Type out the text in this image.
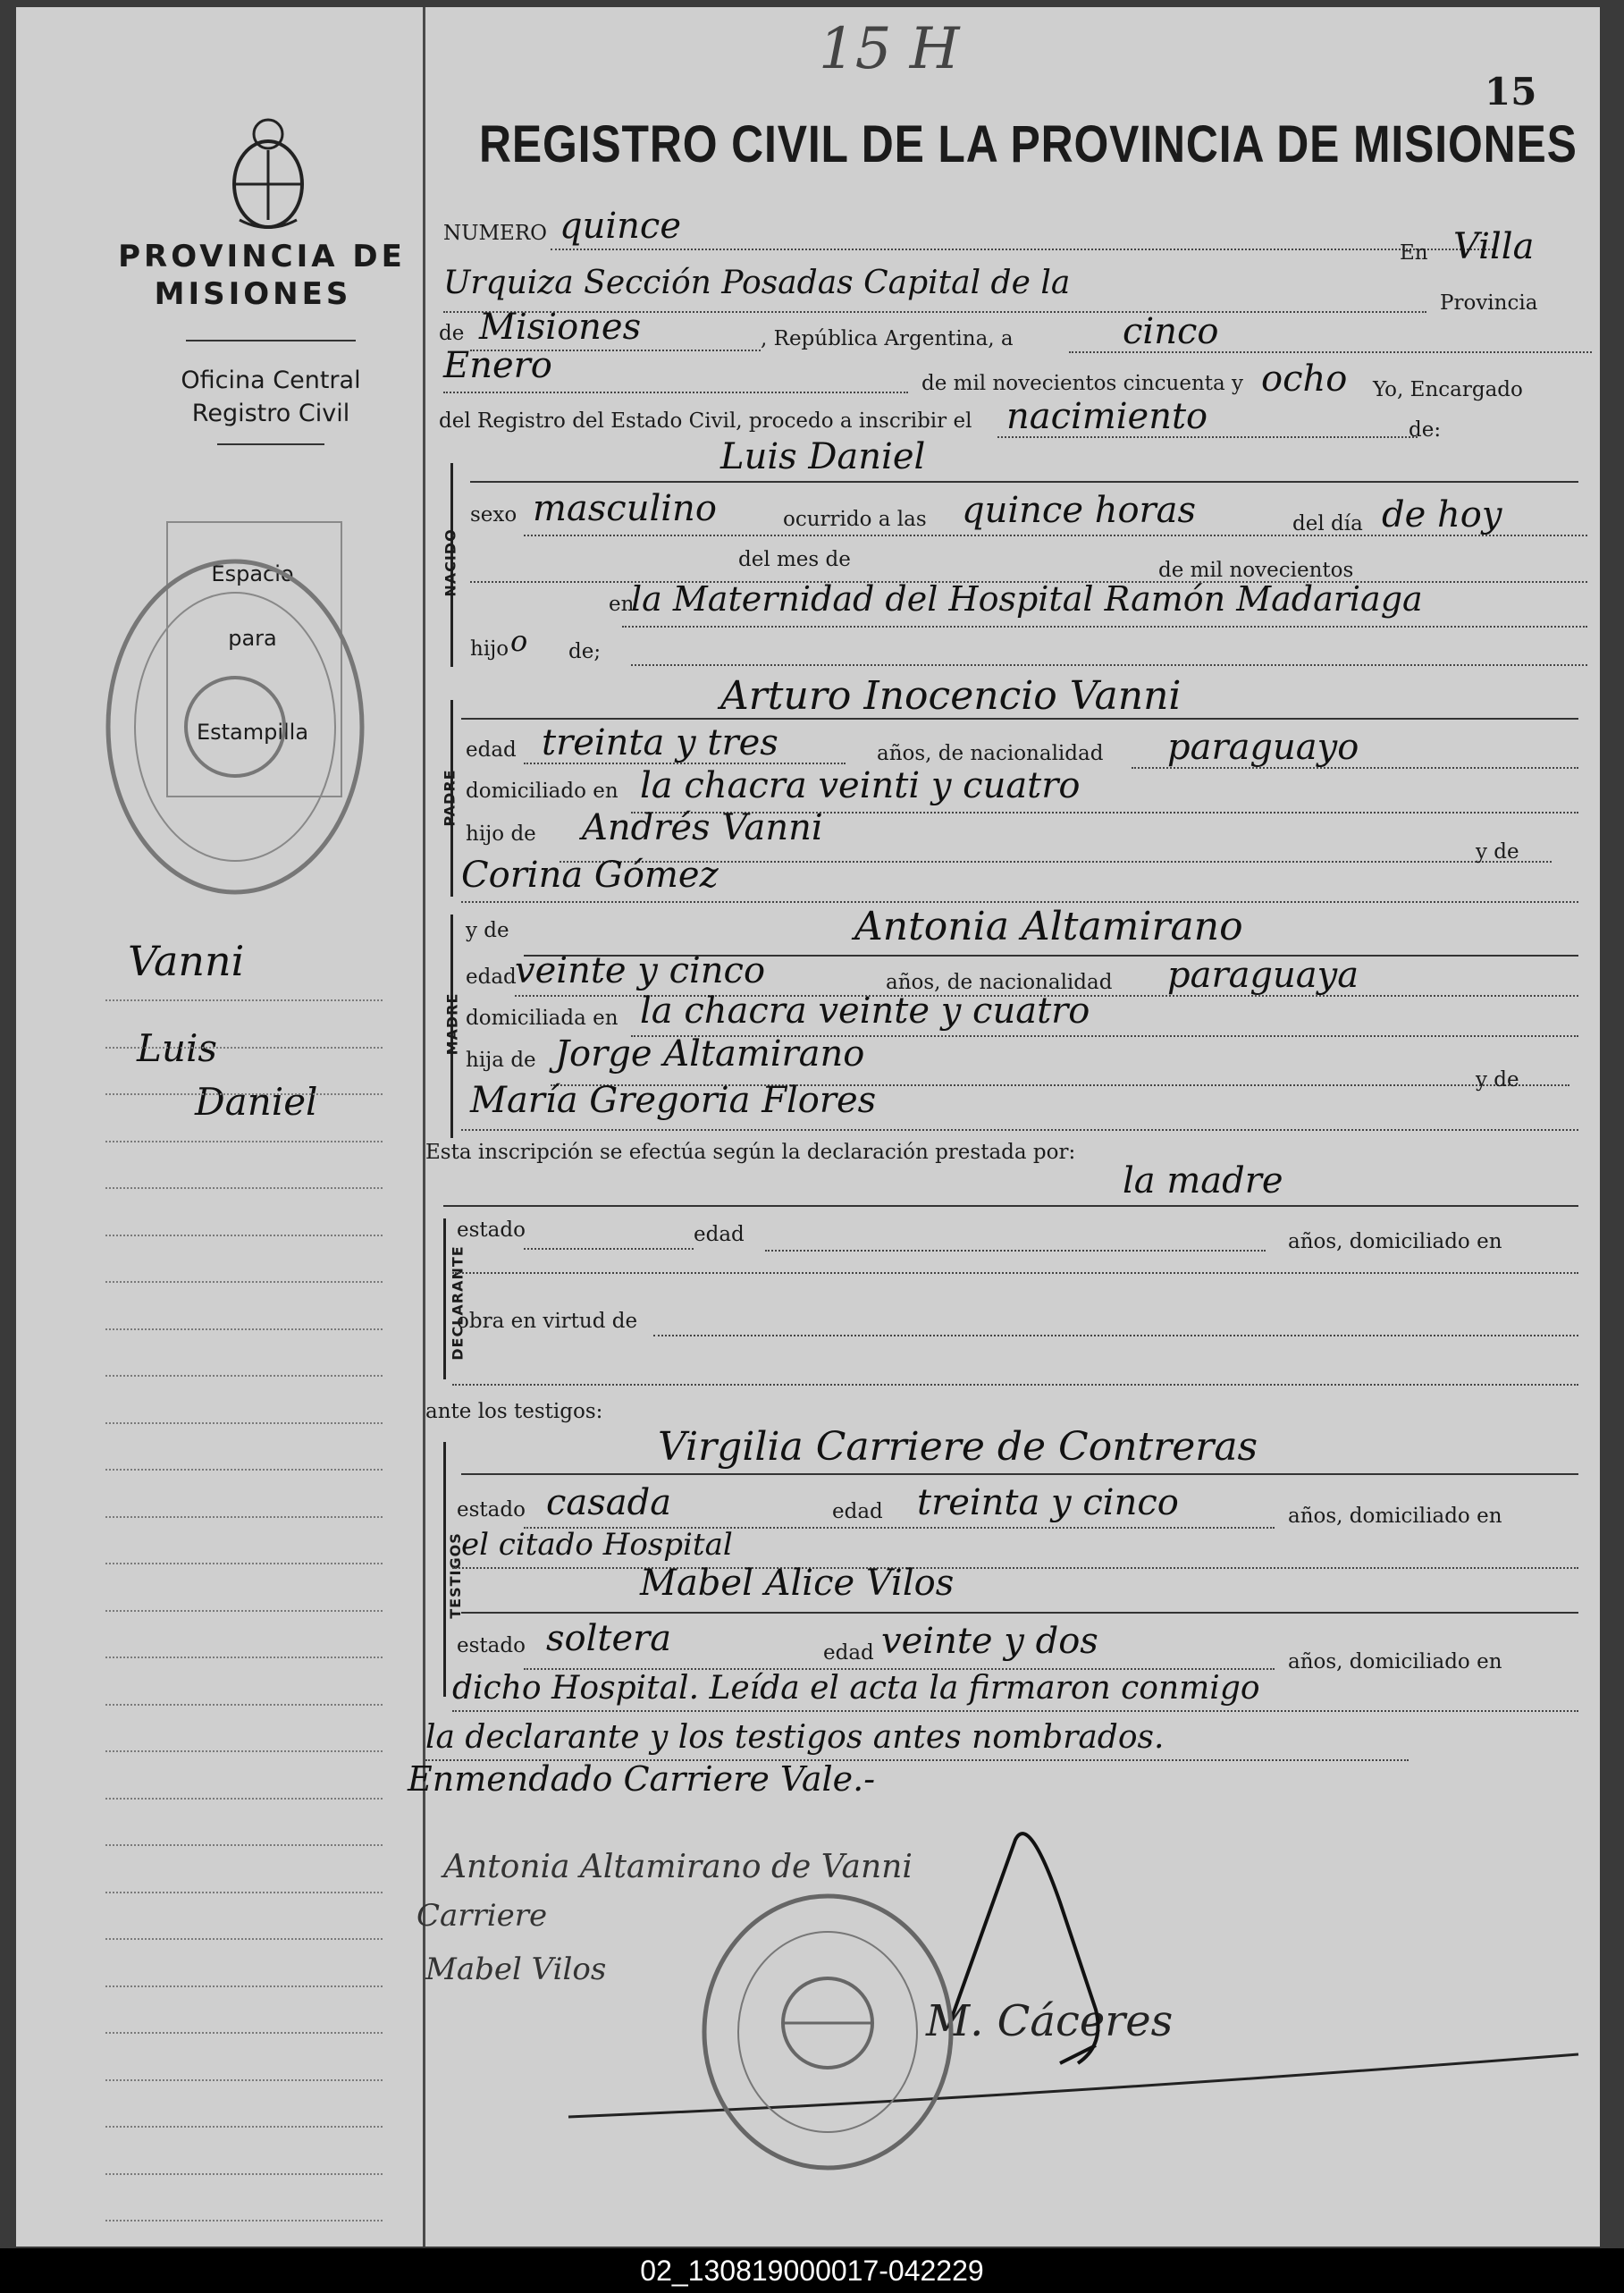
PROVINCIA DE
MISIONES
Oficina Central
Registro Civil
Espacio
para
Estampilla
Vanni
Luis
Daniel
15 H
15
REGISTRO CIVIL DE LA PROVINCIA DE MISIONES
NUMERO quince
En Villa
Urquiza Sección Posadas Capital de la
Provincia
de Misiones	, República Argentina, a	cinco
Enero	de mil novecientos cincuenta y ocho Yo, Encargado
del Registro del Estado Civil, procedo a inscribir el nacimiento	de:
NACIDO
Luis Daniel
sexo masculino	ocurrido a las quince horas	del día de hoy
del mes de	de mil novecientos
en
la Maternidad del Hospital Ramón Madariaga
hijo o de;
PADRE
Arturo Inocencio Vanni
edad treinta y tres	años, de nacionalidad paraguayo
domiciliado en la chacra veinti y cuatro
hijo de Andrés Vanni
y de
Corina Gómez
MADRE
y de	Antonia Altamirano
edad
veinte y cinco	años, de nacionalidad paraguaya
domiciliada en la chacra veinte y cuatro
hija de Jorge Altamirano
y de
María Gregoria Flores
Esta inscripción se efectúa según la declaración prestada por:
la madre
DECLARANTE
estado	edad	años, domiciliado en
obra en virtud de
ante los testigos:
TESTIGOS
Virgilia Carriere de Contreras
estado casada	edad treinta y cinco	años, domiciliado en
el citado Hospital
Mabel Alice Vilos
estado soltera	edad veinte y dos	años, domiciliado en
dicho Hospital. Leída el acta la firmaron conmigo
la declarante y los testigos antes nombrados.
Enmendado Carriere Vale.-
Antonia Altamirano de Vanni
Carriere
Mabel Vilos
M. Cáceres
02_130819000017-042229
